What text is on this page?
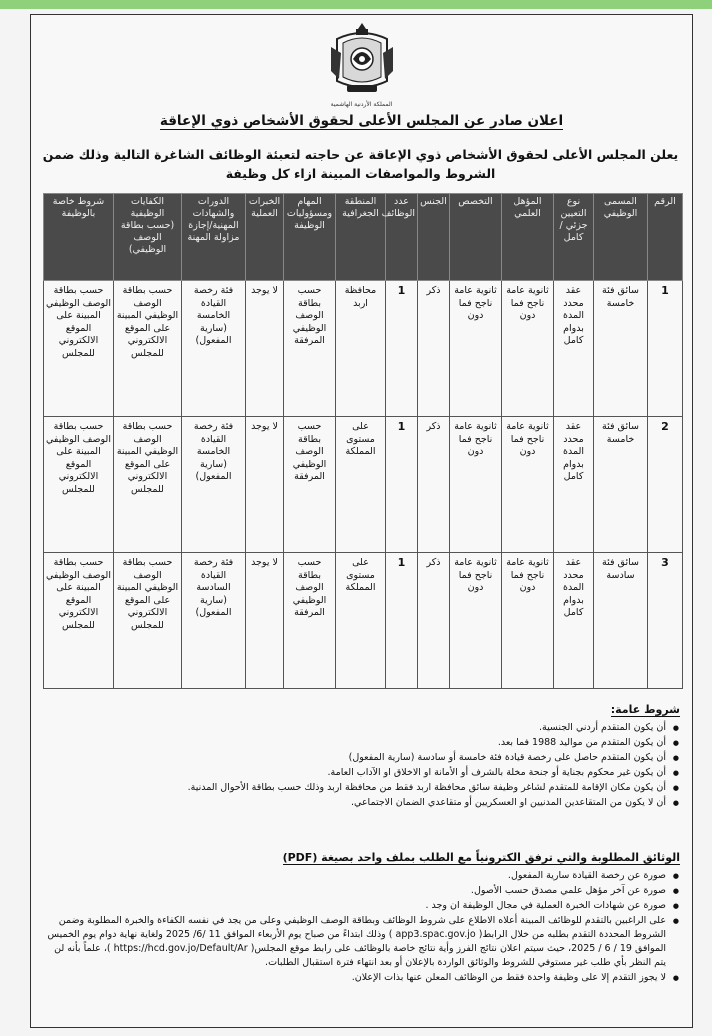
المملكة الأردنية الهاشمية
اعلان صادر عن المجلس الأعلى لحقوق الأشخاص ذوي الإعاقة
يعلن المجلس الأعلى لحقوق الأشخاص ذوي الإعاقة عن حاجته لتعبئة الوظائف الشاغرة التالية وذلك ضمن الشروط والمواصفات المبينة ازاء كل وظيفة
الرقم	المسمى الوظيفي	نوع التعيين جزئي / كامل	المؤهل العلمي	التخصص	الجنس	عدد الوظائف	المنطقة الجغرافية	المهام ومسؤوليات الوظيفة	الخبرات العملية	الدورات والشهادات المهنية/إجازة مزاولة المهنة	الكفايات الوظيفية (حسب بطاقة الوصف الوظيفي)	شروط خاصة بالوظيفة
1	سائق فئة خامسة	عقد محدد المدة بدوام كامل	ثانوية عامة ناجح فما دون	ثانوية عامة ناجح فما دون	ذكر	1	محافظة اربد	حسب بطاقة الوصف الوظيفي المرفقة	لا يوجد	فئة رخصة القيادة الخامسة (سارية المفعول)	حسب بطاقة الوصف الوظيفي المبينة على الموقع الالكتروني للمجلس	حسب بطاقة الوصف الوظيفي المبينة على الموقع الالكتروني للمجلس
2	سائق فئة خامسة	عقد محدد المدة بدوام كامل	ثانوية عامة ناجح فما دون	ثانوية عامة ناجح فما دون	ذكر	1	على مستوى المملكة	حسب بطاقة الوصف الوظيفي المرفقة	لا يوجد	فئة رخصة القيادة الخامسة (سارية المفعول)	حسب بطاقة الوصف الوظيفي المبينة على الموقع الالكتروني للمجلس	حسب بطاقة الوصف الوظيفي المبينة على الموقع الالكتروني للمجلس
3	سائق فئة سادسة	عقد محدد المدة بدوام كامل	ثانوية عامة ناجح فما دون	ثانوية عامة ناجح فما دون	ذكر	1	على مستوى المملكة	حسب بطاقة الوصف الوظيفي المرفقة	لا يوجد	فئة رخصة القيادة السادسة (سارية المفعول)	حسب بطاقة الوصف الوظيفي المبينة على الموقع الالكتروني للمجلس	حسب بطاقة الوصف الوظيفي المبينة على الموقع الالكتروني للمجلس
شروط عامة:
● أن يكون المتقدم أردني الجنسية.
● أن يكون المتقدم من مواليد 1988 فما بعد.
● أن يكون المتقدم حاصل على رخصة قيادة فئة خامسة أو سادسة (سارية المفعول)
● أن يكون غير محكوم بجناية أو جنحة مخلة بالشرف أو الأمانة او الاخلاق او الآداب العامة.
● أن يكون مكان الإقامة للمتقدم لشاغر وظيفة سائق محافظة اربد فقط من محافظة اربد وذلك حسب بطاقة الأحوال المدنية.
● أن لا يكون من المتقاعدين المدنيين او العسكريين أو متقاعدي الضمان الاجتماعي.
الوثائق المطلوبة والتي ترفق الكترونياً مع الطلب بملف واحد بصيغة (PDF)
● صورة عن رخصة القيادة سارية المفعول.
● صورة عن آخر مؤهل علمي مصدق حسب الأصول.
● صورة عن شهادات الخبرة العملية في مجال الوظيفة ان وجد .
● على الراغبين بالتقدم للوظائف المبينة أعلاه الاطلاع على شروط الوظائف وبطاقة الوصف الوظيفي وعلى من يجد في نفسه الكفاءة والخبرة المطلوبة وضمن الشروط المحددة التقدم بطلبه من خلال الرابط( app3.spac.gov.jo ) وذلك ابتداءً من صباح يوم الأربعاء الموافق 11 /6/ 2025 ولغاية نهاية دوام يوم الخميس الموافق 19 / 6 / 2025، حيث سيتم اعلان نتائج الفرز وأية نتائج خاصة بالوظائف على رابط موقع المجلس( https://hcd.gov.jo/Default/Ar )، علماً بأنه لن يتم النظر بأي طلب غير مستوفي للشروط والوثائق الواردة بالإعلان أو بعد انتهاء فترة استقبال الطلبات.
● لا يجوز التقدم إلا على وظيفة واحدة فقط من الوظائف المعلن عنها بذات الإعلان.
